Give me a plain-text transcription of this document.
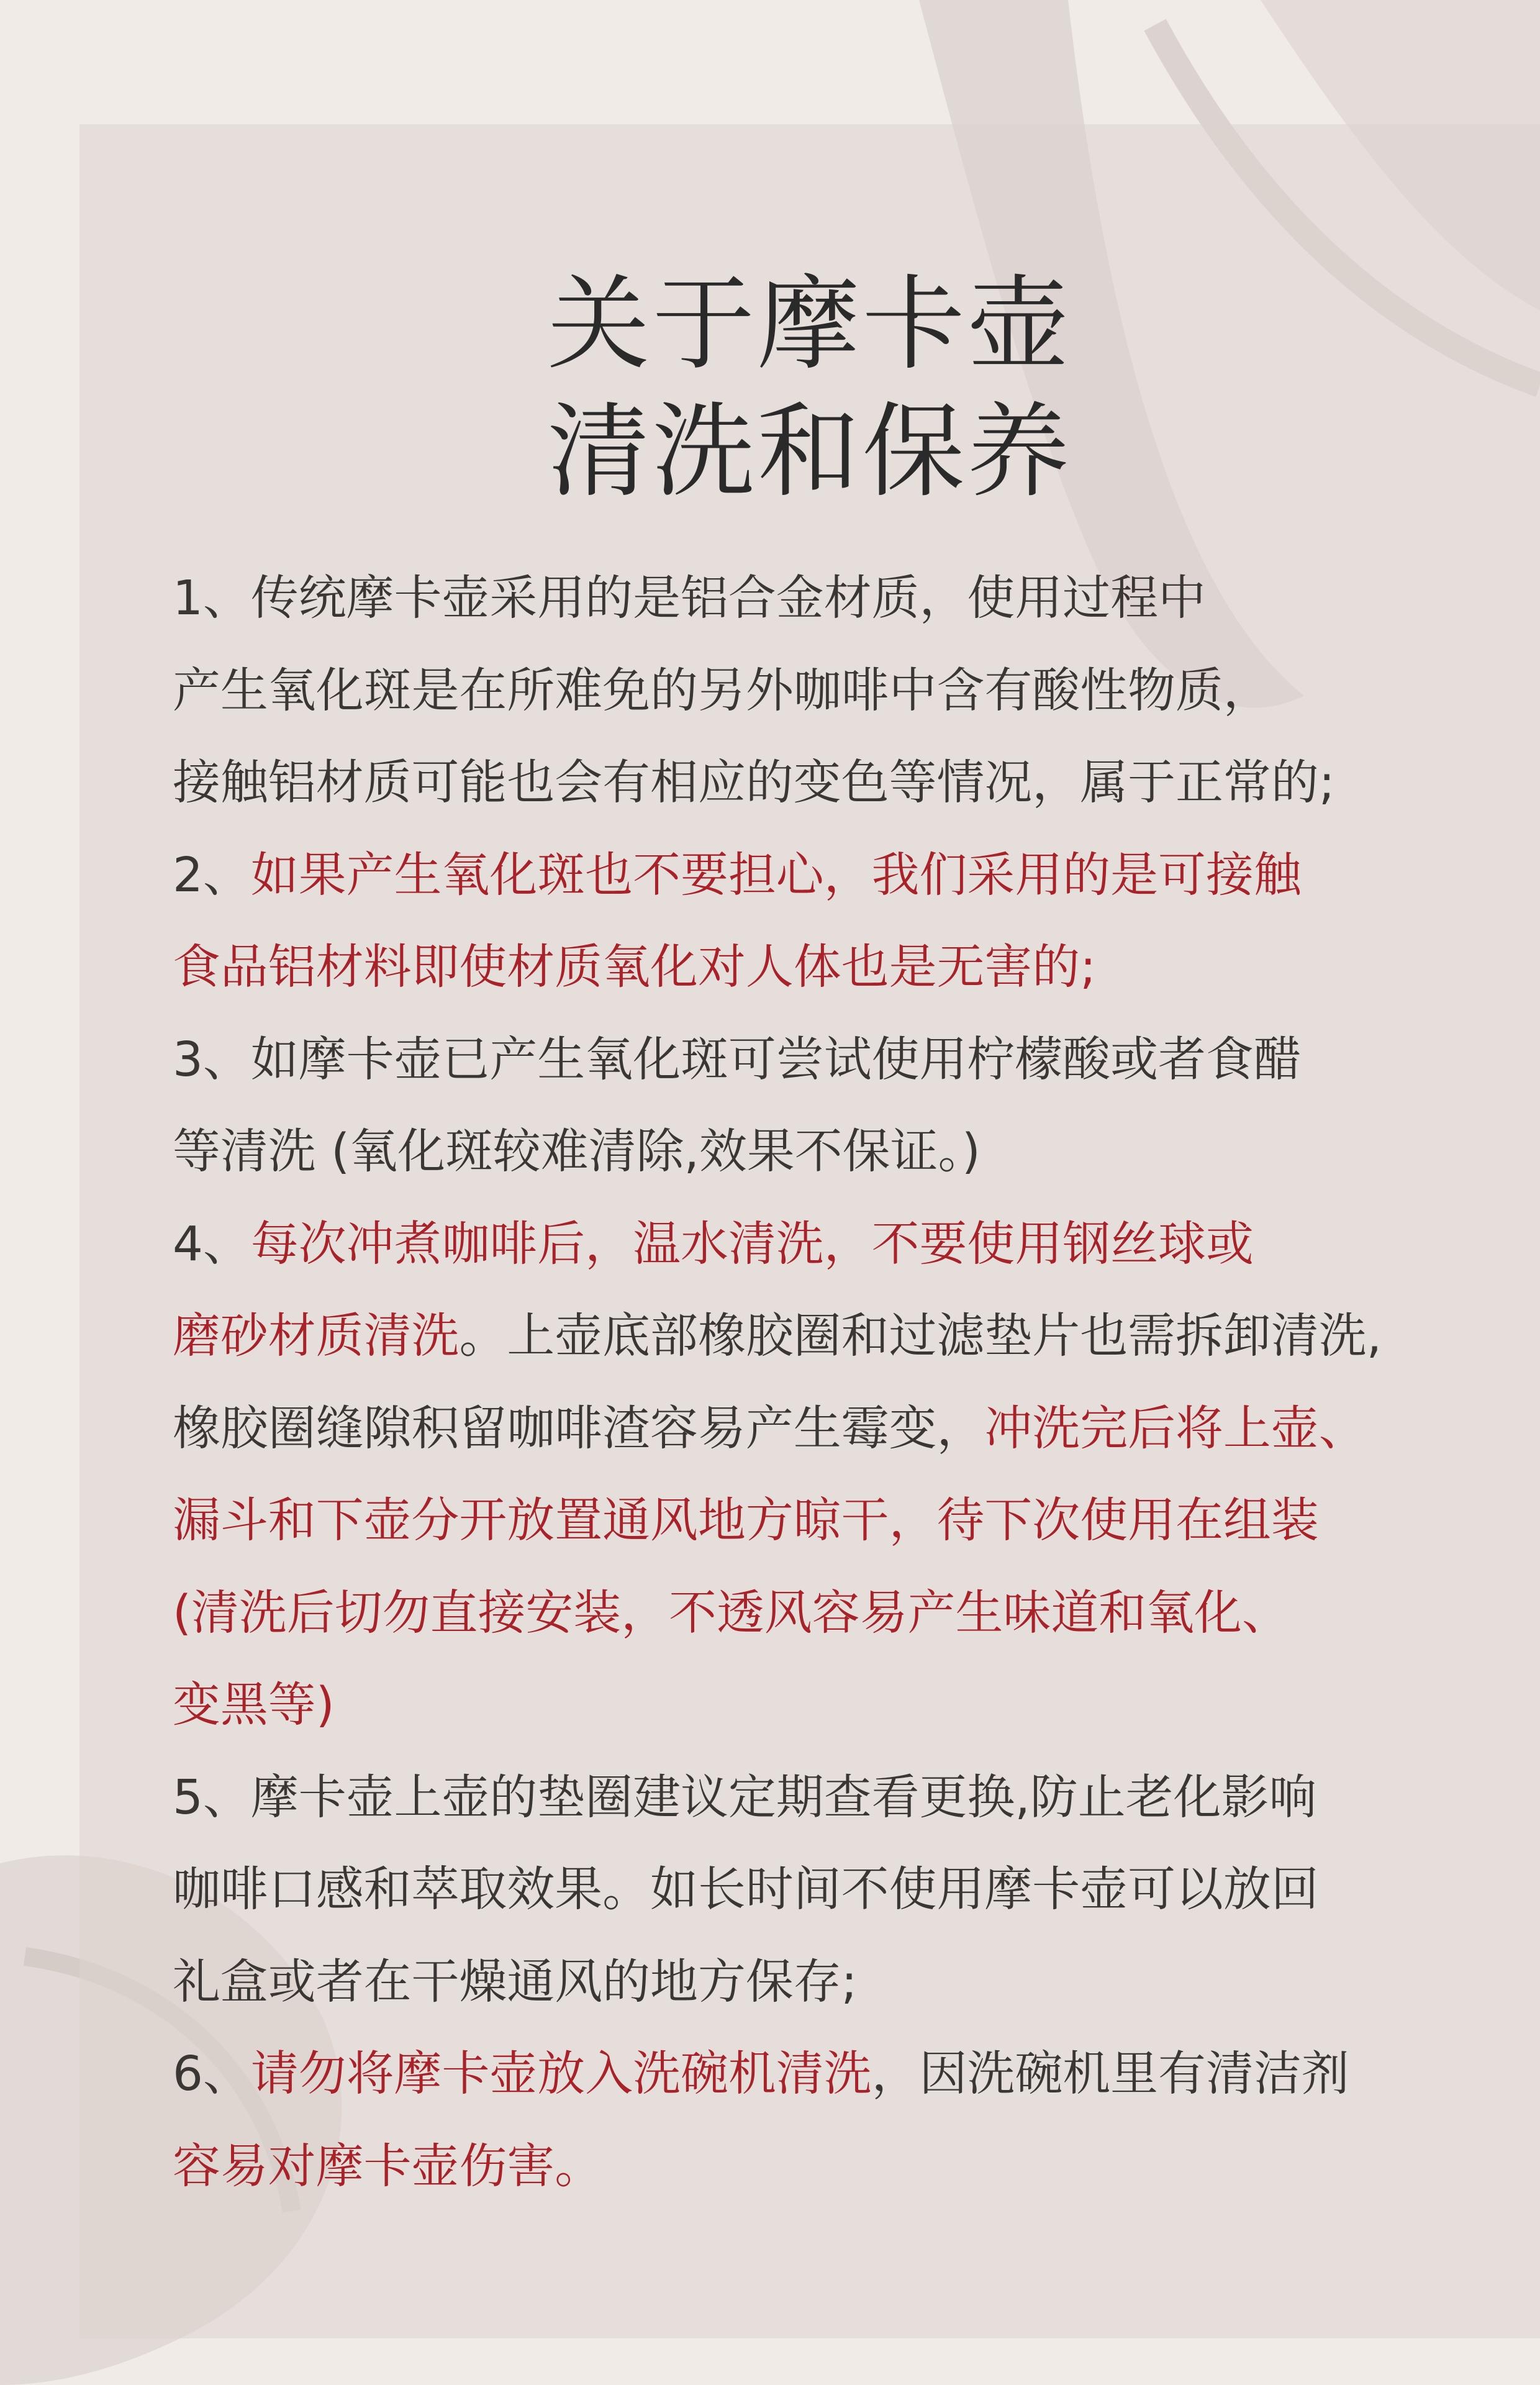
关于摩卡壶
清洗和保养
1、传统摩卡壶采用的是铝合金材质，使用过程中
产生氧化斑是在所难免的另外咖啡中含有酸性物质，
接触铝材质可能也会有相应的变色等情况，属于正常的;
2、如果产生氧化斑也不要担心，我们采用的是可接触
食品铝材料即使材质氧化对人体也是无害的;
3、如摩卡壶已产生氧化斑可尝试使用柠檬酸或者食醋
等清洗 (氧化斑较难清除,效果不保证。)
4、每次冲煮咖啡后，温水清洗，不要使用钢丝球或
磨砂材质清洗。上壶底部橡胶圈和过滤垫片也需拆卸清洗,
橡胶圈缝隙积留咖啡渣容易产生霉变，冲洗完后将上壶、
漏斗和下壶分开放置通风地方晾干，待下次使用在组装
(清洗后切勿直接安装，不透风容易产生味道和氧化、
变黑等)
5、摩卡壶上壶的垫圈建议定期查看更换,防止老化影响
咖啡口感和萃取效果。如长时间不使用摩卡壶可以放回
礼盒或者在干燥通风的地方保存;
6、请勿将摩卡壶放入洗碗机清洗，因洗碗机里有清洁剂
容易对摩卡壶伤害。
